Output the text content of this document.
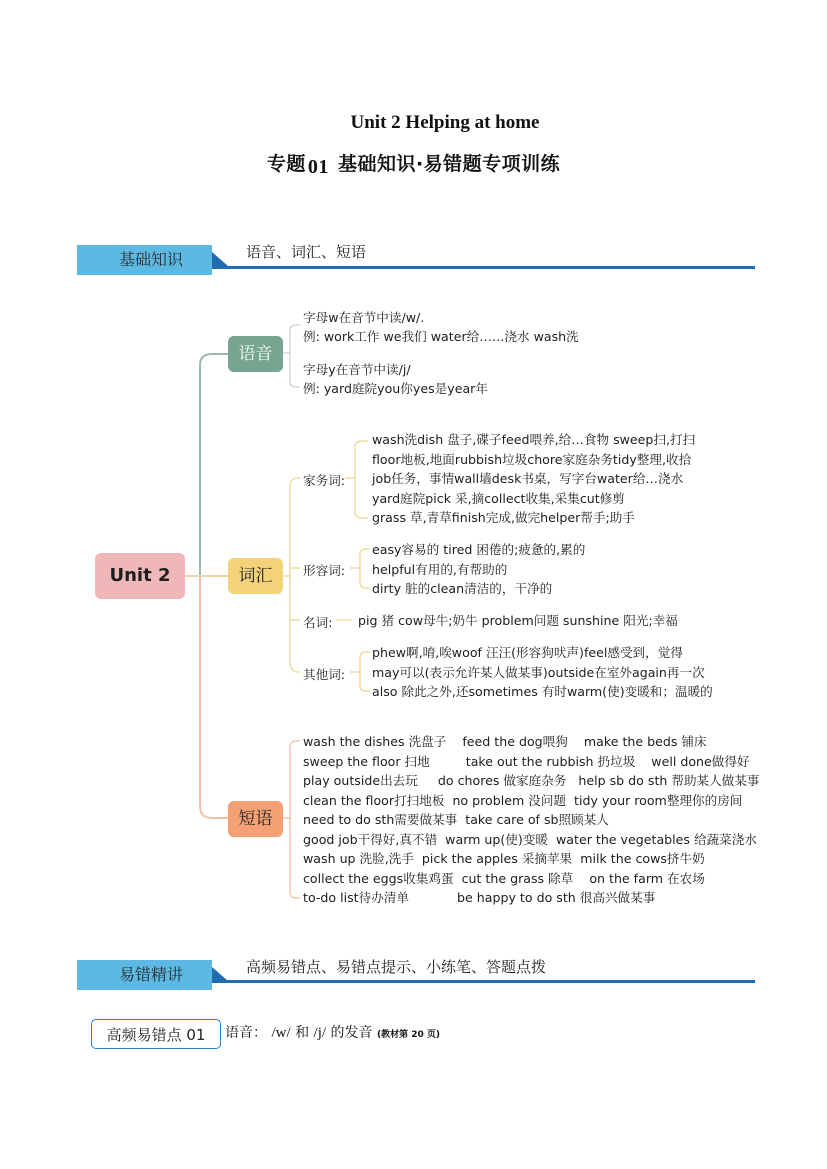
Unit 2 Helping at home
专题 01 基础知识·易错题专项训练
基础知识	语音、词汇、短语
Unit 2
语音
字母w在音节中读/w/.
例: work工作 we我们 water给……浇水 wash洗
字母y在音节中读/j/
例: yard庭院you你yes是year年
词汇
家务词:
wash洗dish 盘子,碟子feed喂养,给…食物 sweep扫,打扫
floor地板,地面rubbish垃圾chore家庭杂务tidy整理,收拾
job任务，事情wall墙desk书桌，写字台water给…浇水
yard庭院pick 采,摘collect收集,采集cut修剪
grass 草,青草finish完成,做完helper帮手;助手
形容词:
easy容易的 tired 困倦的;疲惫的,累的
helpful有用的,有帮助的
dirty 脏的clean清洁的，干净的
名词: pig 猪 cow母牛;奶牛 problem问题 sunshine 阳光;幸福
其他词:
phew啊,唷,唉woof 汪汪(形容狗吠声)feel感受到，觉得
may可以(表示允许某人做某事)outside在室外again再一次
also 除此之外,还sometimes 有时warm(使)变暖和；温暖的
短语
wash the dishes 洗盘子    feed the dog喂狗    make the beds 铺床
sweep the floor 扫地         take out the rubbish 扔垃圾    well done做得好
play outside出去玩     do chores 做家庭杂务   help sb do sth 帮助某人做某事
clean the floor打扫地板  no problem 没问题  tidy your room整理你的房间
need to do sth需要做某事  take care of sb照顾某人
good job干得好,真不错  warm up(使)变暖  water the vegetables 给蔬菜浇水
wash up 洗脸,洗手  pick the apples 采摘苹果  milk the cows挤牛奶
collect the eggs收集鸡蛋  cut the grass 除草    on the farm 在农场
to-do list待办清单            be happy to do sth 很高兴做某事
易错精讲	高频易错点、易错点提示、小练笔、答题点拨
高频易错点 01	语音： /w/ 和 /j/ 的发音 (教材第 20 页)
